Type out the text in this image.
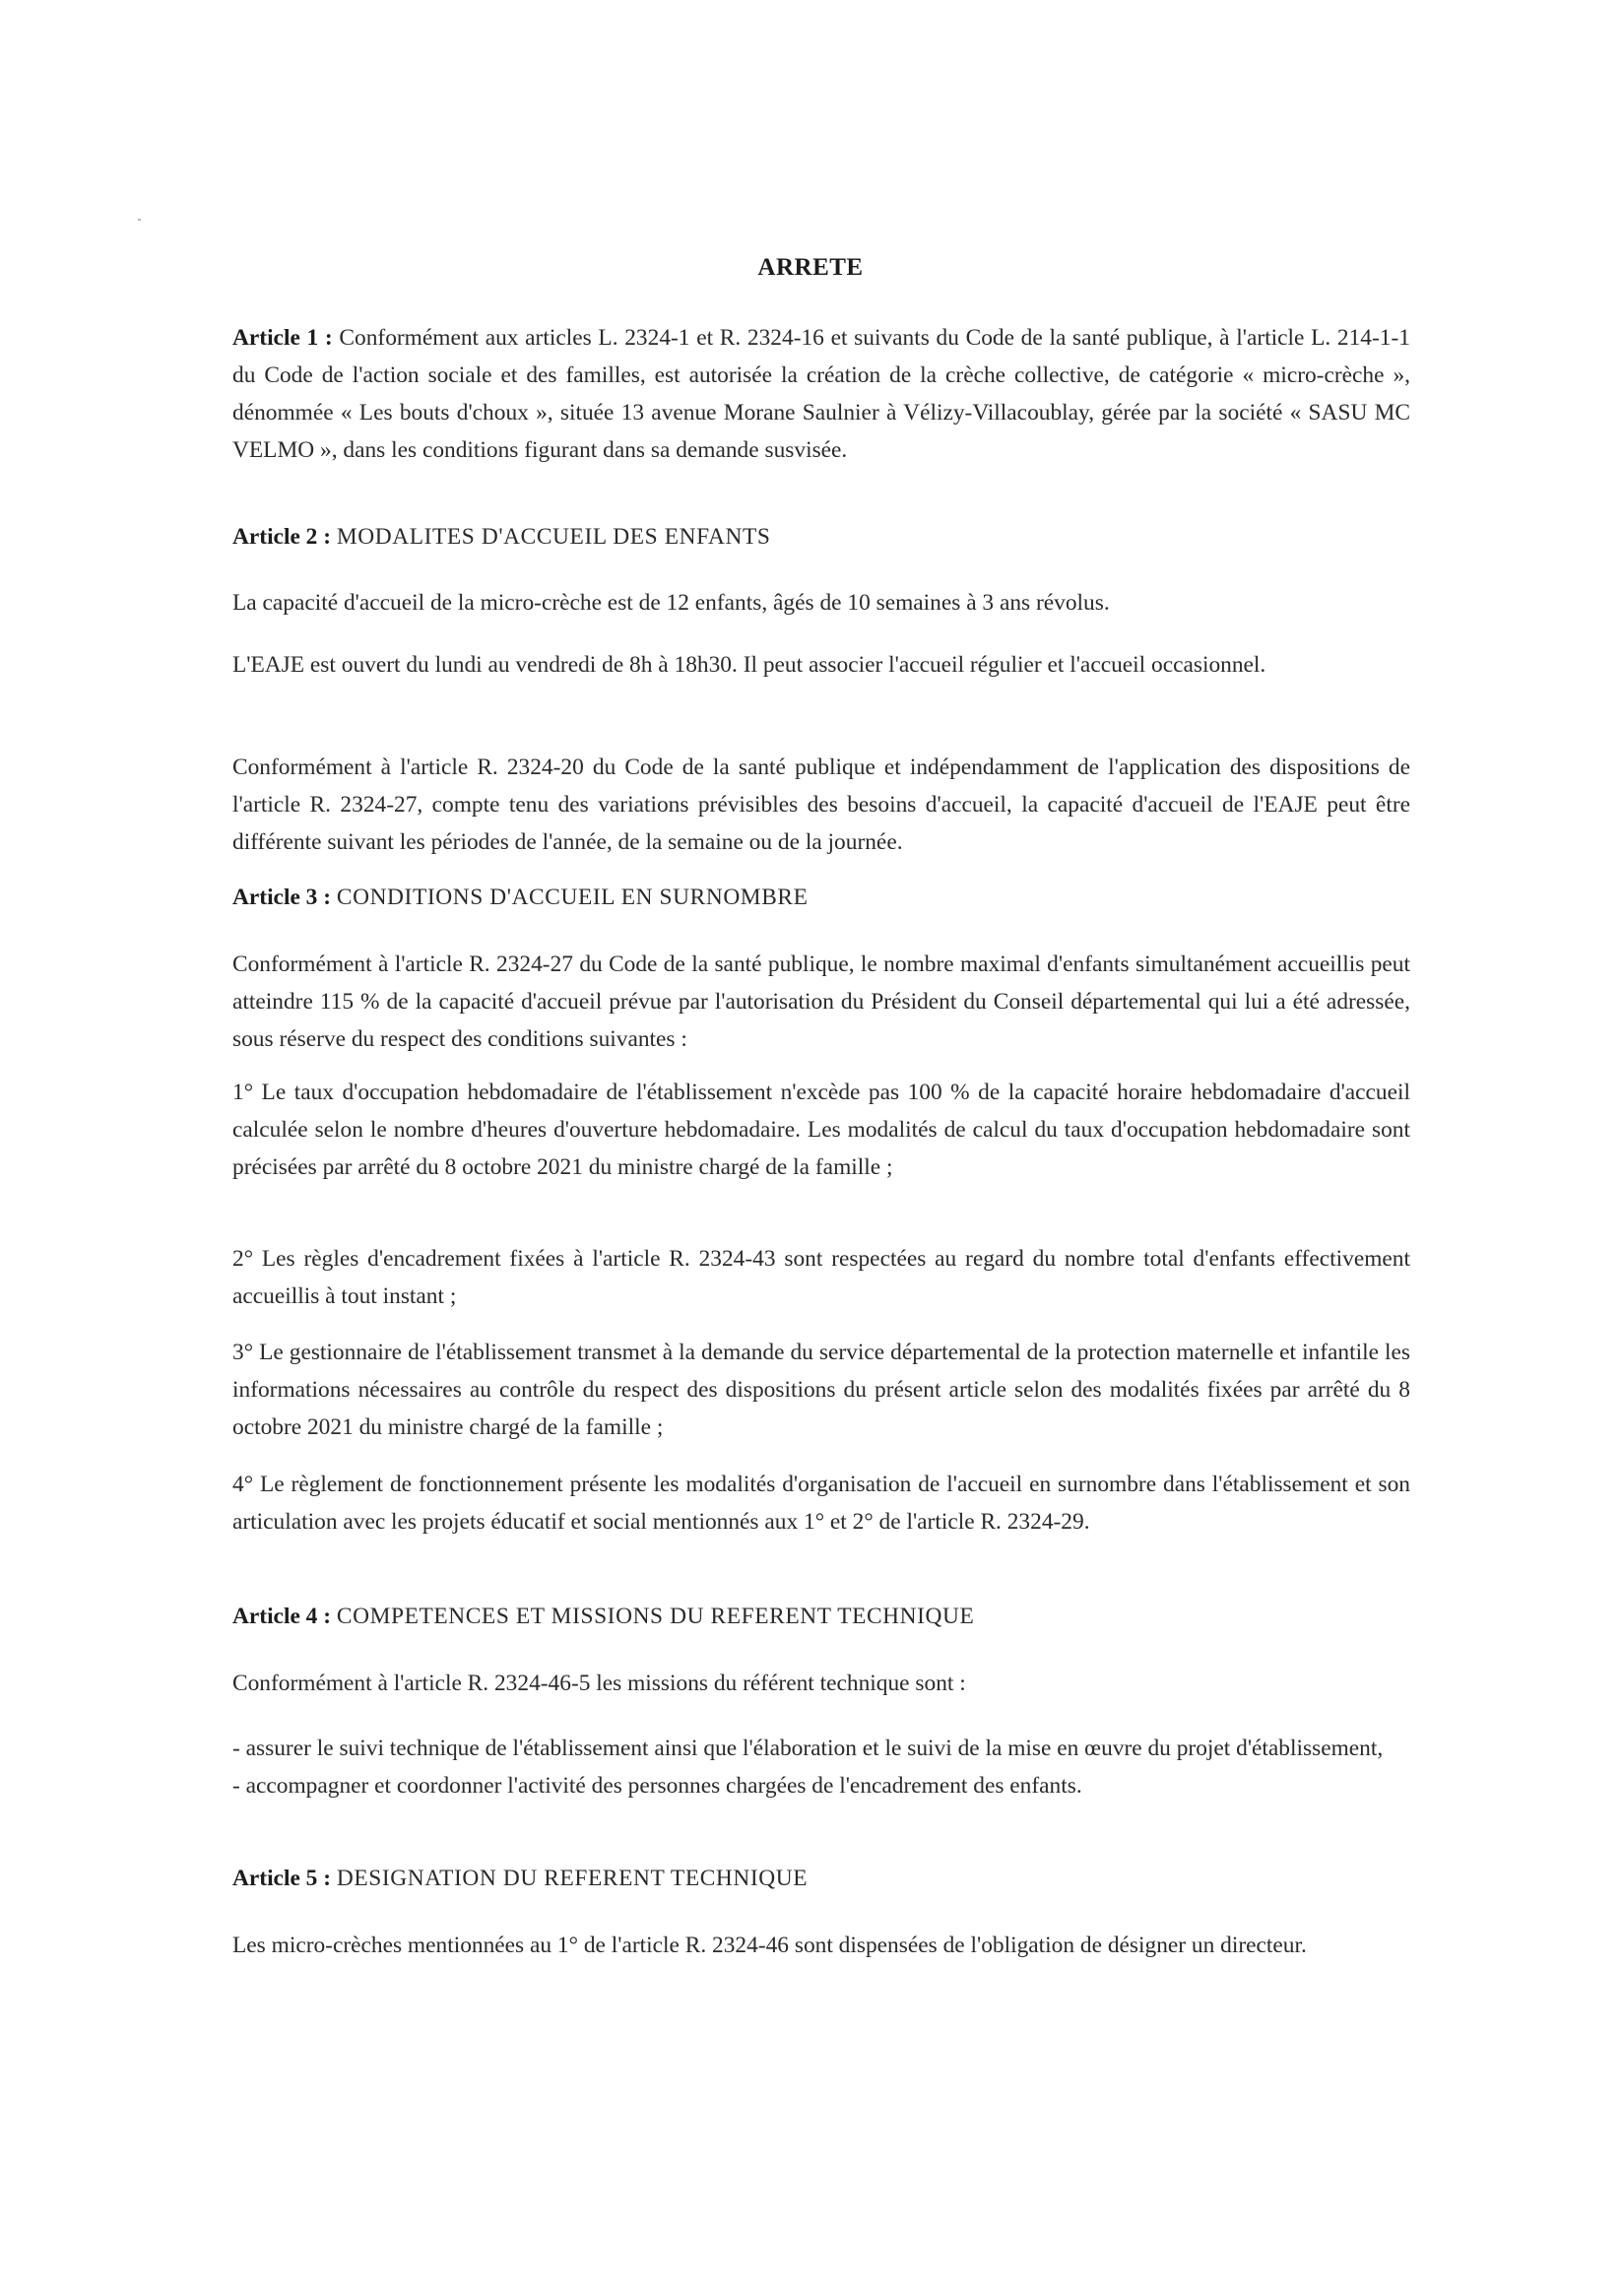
ARRETE

Article 1 : Conformément aux articles L. 2324-1 et R. 2324-16 et suivants du Code de la santé publique, à l'article L. 214-1-1 du Code de l'action sociale et des familles, est autorisée la création de la crèche collective, de catégorie « micro-crèche », dénommée « Les bouts d'choux », située 13 avenue Morane Saulnier à Vélizy-Villacoublay, gérée par la société « SASU MC VELMO », dans les conditions figurant dans sa demande susvisée.

Article 2 : MODALITES D'ACCUEIL DES ENFANTS

La capacité d'accueil de la micro-crèche est de 12 enfants, âgés de 10 semaines à 3 ans révolus.

L'EAJE est ouvert du lundi au vendredi de 8h à 18h30. Il peut associer l'accueil régulier et l'accueil occasionnel.

Conformément à l'article R. 2324-20 du Code de la santé publique et indépendamment de l'application des dispositions de l'article R. 2324-27, compte tenu des variations prévisibles des besoins d'accueil, la capacité d'accueil de l'EAJE peut être différente suivant les périodes de l'année, de la semaine ou de la journée.

Article 3 : CONDITIONS D'ACCUEIL EN SURNOMBRE

Conformément à l'article R. 2324-27 du Code de la santé publique, le nombre maximal d'enfants simultanément accueillis peut atteindre 115 % de la capacité d'accueil prévue par l'autorisation du Président du Conseil départemental qui lui a été adressée, sous réserve du respect des conditions suivantes :

1° Le taux d'occupation hebdomadaire de l'établissement n'excède pas 100 % de la capacité horaire hebdomadaire d'accueil calculée selon le nombre d'heures d'ouverture hebdomadaire. Les modalités de calcul du taux d'occupation hebdomadaire sont précisées par arrêté du 8 octobre 2021 du ministre chargé de la famille ;

2° Les règles d'encadrement fixées à l'article R. 2324-43 sont respectées au regard du nombre total d'enfants effectivement accueillis à tout instant ;

3° Le gestionnaire de l'établissement transmet à la demande du service départemental de la protection maternelle et infantile les informations nécessaires au contrôle du respect des dispositions du présent article selon des modalités fixées par arrêté du 8 octobre 2021 du ministre chargé de la famille ;

4° Le règlement de fonctionnement présente les modalités d'organisation de l'accueil en surnombre dans l'établissement et son articulation avec les projets éducatif et social mentionnés aux 1° et 2° de l'article R. 2324-29.

Article 4 : COMPETENCES ET MISSIONS DU REFERENT TECHNIQUE

Conformément à l'article R. 2324-46-5 les missions du référent technique sont :

- assurer le suivi technique de l'établissement ainsi que l'élaboration et le suivi de la mise en œuvre du projet d'établissement,

- accompagner et coordonner l'activité des personnes chargées de l'encadrement des enfants.

Article 5 : DESIGNATION DU REFERENT TECHNIQUE

Les micro-crèches mentionnées au 1° de l'article R. 2324-46 sont dispensées de l'obligation de désigner un directeur.
